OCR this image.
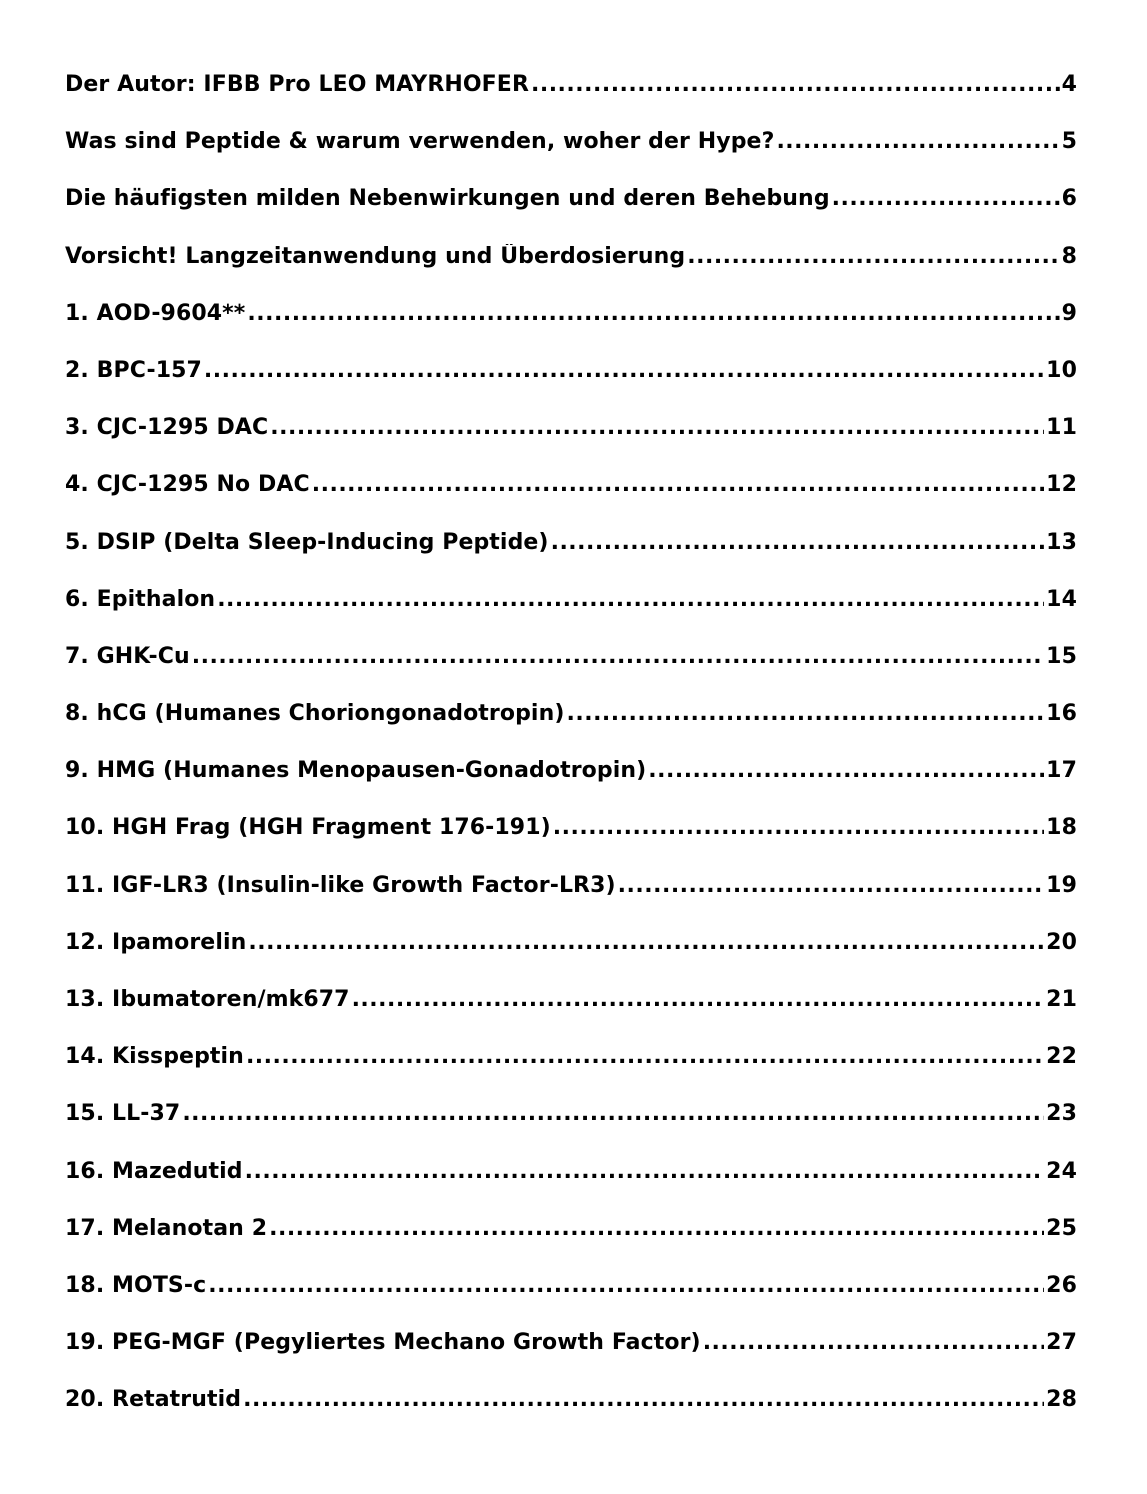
Der Autor: IFBB Pro LEO MAYRHOFER .....	4
Was sind Peptide & warum verwenden, woher der Hype? .....	5
Die häufigsten milden Nebenwirkungen und deren Behebung .....	6
Vorsicht! Langzeitanwendung und Überdosierung .....	8
1. AOD-9604** .....	9
2. BPC-157 .....	10
3. CJC-1295 DAC .....	11
4. CJC-1295 No DAC .....	12
5. DSIP (Delta Sleep-Inducing Peptide) .....	13
6. Epithalon .....	14
7. GHK-Cu .....	15
8. hCG (Humanes Choriongonadotropin) .....	16
9. HMG (Humanes Menopausen-Gonadotropin) .....	17
10. HGH Frag (HGH Fragment 176-191) .....	18
11. IGF-LR3 (Insulin-like Growth Factor-LR3) .....	19
12. Ipamorelin .....	20
13. Ibumatoren/mk677 .....	21
14. Kisspeptin .....	22
15. LL-37 .....	23
16. Mazedutid .....	24
17. Melanotan 2 .....	25
18. MOTS-c .....	26
19. PEG-MGF (Pegyliertes Mechano Growth Factor) .....	27
20. Retatrutid .....	28
